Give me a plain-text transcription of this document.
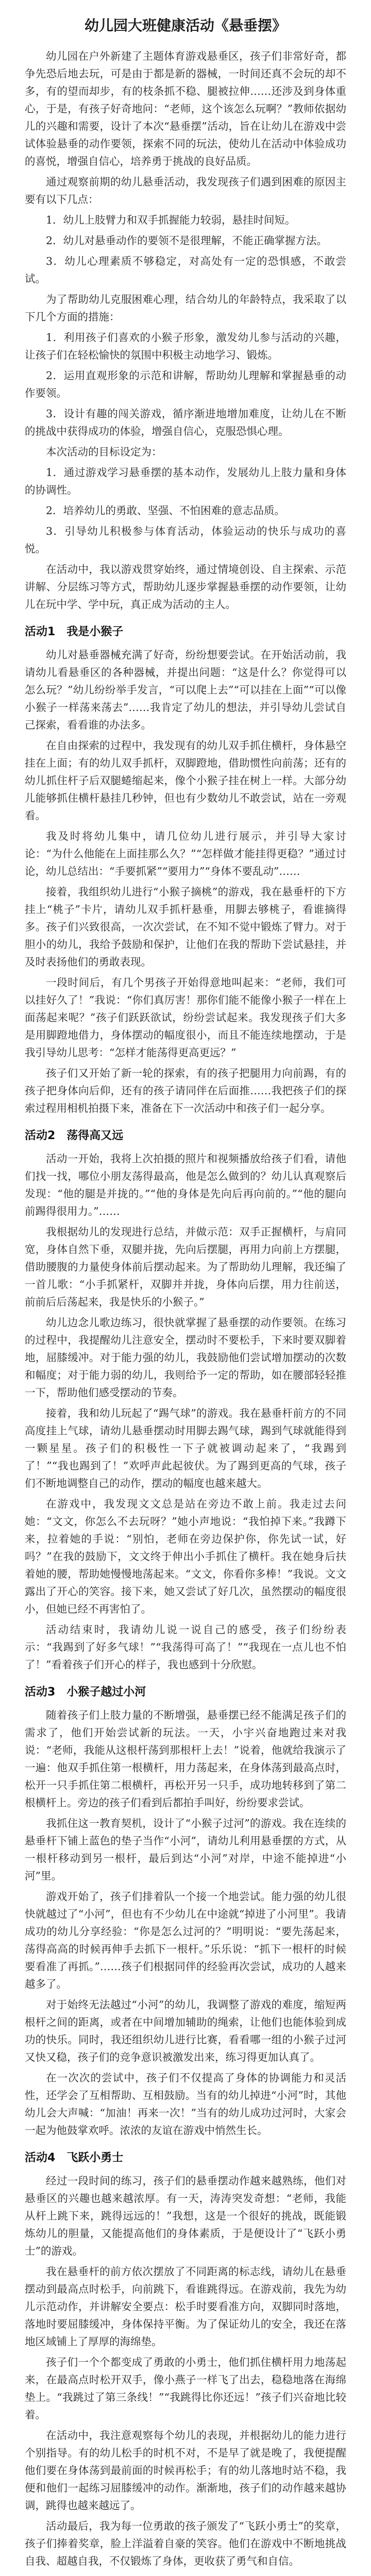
幼儿园大班健康活动《悬垂摆》

幼儿园在户外新建了主题体育游戏悬垂区，孩子们非常好奇，都争先恐后地去玩，可是由于都是新的器械，一时间还真不会玩的却不多，有的望而却步，有的枝条抓不稳、腿被拉伸……还涉及到身体重心，于是，有孩子好奇地问：“老师，这个该怎么玩啊？”教师依据幼儿的兴趣和需要，设计了本次“悬垂摆”活动，旨在让幼儿在游戏中尝试体验悬垂的动作要领，探索不同的玩法，使幼儿在活动中体验成功的喜悦，增强自信心，培养勇于挑战的良好品质。

通过观察前期的幼儿悬垂活动，我发现孩子们遇到困难的原因主要有以下几点：

1．幼儿上肢臂力和双手抓握能力较弱，悬挂时间短。

2．幼儿对悬垂动作的要领不是很理解，不能正确掌握方法。

3．幼儿心理素质不够稳定，对高处有一定的恐惧感，不敢尝试。

为了帮助幼儿克服困难心理，结合幼儿的年龄特点，我采取了以下几个方面的措施：

1．利用孩子们喜欢的小猴子形象，激发幼儿参与活动的兴趣，让孩子们在轻松愉快的氛围中积极主动地学习、锻炼。

2．运用直观形象的示范和讲解，帮助幼儿理解和掌握悬垂的动作要领。

3．设计有趣的闯关游戏，循序渐进地增加难度，让幼儿在不断的挑战中获得成功的体验，增强自信心，克服恐惧心理。

本次活动的目标设定为：

1．通过游戏学习悬垂摆的基本动作，发展幼儿上肢力量和身体的协调性。

2．培养幼儿的勇敢、坚强、不怕困难的意志品质。

3．引导幼儿积极参与体育活动，体验运动的快乐与成功的喜悦。

在活动中，我以游戏贯穿始终，通过情境创设、自主探索、示范讲解、分层练习等方式，帮助幼儿逐步掌握悬垂摆的动作要领，让幼儿在玩中学、学中玩，真正成为活动的主人。

活动1　我是小猴子

幼儿对悬垂器械充满了好奇，纷纷想要尝试。在开始活动前，我请幼儿看悬垂区的各种器械，并提出问题：“这是什么？你觉得可以怎么玩？”幼儿纷纷举手发言，“可以爬上去”“可以挂在上面”“可以像小猴子一样荡来荡去”……我肯定了幼儿的想法，并引导幼儿尝试自己探索，看看谁的办法多。

在自由探索的过程中，我发现有的幼儿双手抓住横杆，身体悬空挂在上面；有的幼儿双手抓杆，双脚蹬地，借助惯性向前荡；还有的幼儿抓住杆子后双腿蜷缩起来，像个小猴子挂在树上一样。大部分幼儿能够抓住横杆悬挂几秒钟，但也有少数幼儿不敢尝试，站在一旁观看。

我及时将幼儿集中，请几位幼儿进行展示，并引导大家讨论：“为什么他能在上面挂那么久？”“怎样做才能挂得更稳？”通过讨论，幼儿总结出：“手要抓紧”“要用力”“身体不要乱动”……

接着，我组织幼儿进行“小猴子摘桃”的游戏，我在悬垂杆的下方挂上“桃子”卡片，请幼儿双手抓杆悬垂，用脚去够桃子，看谁摘得多。孩子们兴致很高，一次次尝试，在不知不觉中锻炼了臂力。对于胆小的幼儿，我给予鼓励和保护，让他们在我的帮助下尝试悬挂，并及时表扬他们的勇敢表现。

一段时间后，有几个男孩子开始得意地叫起来：“老师，我们可以挂好久了！”我说：“你们真厉害！那你们能不能像小猴子一样在上面荡起来呢？”孩子们跃跃欲试，纷纷尝试起来。我发现孩子们大多是用脚蹬地借力，身体摆动的幅度很小，而且不能连续地摆动，于是我引导幼儿思考：“怎样才能荡得更高更远？”

孩子们又开始了新一轮的探索，有的孩子把腿用力向前踢，有的孩子把身体向后仰，还有的孩子请同伴在后面推……我把孩子们的探索过程用相机拍摄下来，准备在下一次活动中和孩子们一起分享。

活动2　荡得高又远

活动一开始，我将上次拍摄的照片和视频播放给孩子们看，请他们找一找，哪位小朋友荡得最高，他是怎么做到的？幼儿认真观察后发现：“他的腿是并拢的。”“他的身体是先向后再向前的。”“他的腿向前踢得很用力。”……

我根据幼儿的发现进行总结，并做示范：双手正握横杆，与肩同宽，身体自然下垂，双腿并拢，先向后摆腿，再用力向前上方摆腿，借助腰腹的力量使身体前后摆动起来。为了帮助幼儿理解，我还编了一首儿歌：“小手抓紧杆，双脚并并拢，身体向后摆，用力往前送，前前后后荡起来，我是快乐的小猴子。”

幼儿边念儿歌边练习，很快就掌握了悬垂摆的动作要领。在练习的过程中，我提醒幼儿注意安全，摆动时不要松手，下来时要双脚着地，屈膝缓冲。对于能力强的幼儿，我鼓励他们尝试增加摆动的次数和幅度；对于能力弱的幼儿，我则给予一定的帮助，如在腰部轻轻推一下，帮助他们感受摆动的节奏。

接着，我和幼儿玩起了“踢气球”的游戏。我在悬垂杆前方的不同高度挂上气球，请幼儿悬垂摆动时用脚去踢气球，踢到气球就能得到一颗星星。孩子们的积极性一下子就被调动起来了，“我踢到了！”“我也踢到了！”欢呼声此起彼伏。为了踢到更高的气球，孩子们不断地调整自己的动作，摆动的幅度也越来越大。

在游戏中，我发现文文总是站在旁边不敢上前。我走过去问她：“文文，你怎么不去玩呀？”她小声地说：“我怕掉下来。”我蹲下来，拉着她的手说：“别怕，老师在旁边保护你，你先试一试，好吗？”在我的鼓励下，文文终于伸出小手抓住了横杆。我在她身后扶着她的腰，帮助她慢慢地荡起来。“文文，你看你多棒！”我说。文文露出了开心的笑容。接下来，她又尝试了好几次，虽然摆动的幅度很小，但她已经不再害怕了。

活动结束时，我请幼儿说一说自己的感受，孩子们纷纷表示：“我踢到了好多气球！”“我荡得可高了！”“我现在一点儿也不怕了！”看着孩子们开心的样子，我也感到十分欣慰。

活动3　小猴子越过小河

随着孩子们上肢力量的不断增强，悬垂摆已经不能满足孩子们的需求了，他们开始尝试新的玩法。一天，小宇兴奋地跑过来对我说：“老师，我能从这根杆荡到那根杆上去！”说着，他就给我演示了一遍：他双手抓住第一根横杆，用力荡起来，在身体荡到最高点时，松开一只手抓住第二根横杆，再松开另一只手，成功地转移到了第二根横杆上。旁边的孩子们看到后都拍手叫好，纷纷要求尝试。

我抓住这一教育契机，设计了“小猴子过河”的游戏。我在连续的悬垂杆下铺上蓝色的垫子当作“小河”，请幼儿利用悬垂摆的方式，从一根杆移动到另一根杆，最后到达“小河”对岸，中途不能掉进“小河”里。

游戏开始了，孩子们排着队一个接一个地尝试。能力强的幼儿很快就越过了“小河”，但也有不少幼儿在中途就“掉进了小河里”。我请成功的幼儿分享经验：“你是怎么过河的？”明明说：“要先荡起来，荡得高高的时候再伸手去抓下一根杆。”乐乐说：“抓下一根杆的时候要看准了再抓。”……孩子们根据同伴的经验再次尝试，成功的人越来越多了。

对于始终无法越过“小河”的幼儿，我调整了游戏的难度，缩短两根杆之间的距离，或者在中间增加辅助的绳索，让他们也能体验到成功的快乐。同时，我还组织幼儿进行比赛，看看哪一组的小猴子过河又快又稳，孩子们的竞争意识被激发出来，练习得更加认真了。

在一次次的尝试中，孩子们不仅提高了身体的协调能力和灵活性，还学会了互相帮助、互相鼓励。当有的幼儿掉进“小河”时，其他幼儿会大声喊：“加油！再来一次！”当有的幼儿成功过河时，大家会一起为他鼓掌欢呼。浓浓的友谊在游戏中悄然生长。

活动4　飞跃小勇士

经过一段时间的练习，孩子们的悬垂摆动作越来越熟练，他们对悬垂区的兴趣也越来越浓厚。有一天，涛涛突发奇想：“老师，我能从杆上跳下来，跳得远远的！”我想，这是一个很好的挑战，既能锻炼幼儿的胆量，又能提高他们的身体素质，于是便设计了“飞跃小勇士”的游戏。

我在悬垂杆的前方依次摆放了不同距离的标志线，请幼儿在悬垂摆动到最高点时松手，向前跳下，看谁跳得远。在游戏前，我先为幼儿示范动作，并讲解安全要点：松手时要看准方向，双脚同时落地，落地时要屈膝缓冲，身体保持平衡。为了保证幼儿的安全，我还在落地区域铺上了厚厚的海绵垫。

孩子们一个个都变成了勇敢的小勇士，他们抓住横杆用力地荡起来，在最高点时松开双手，像小燕子一样飞了出去，稳稳地落在海绵垫上。“我跳过了第三条线！”“我跳得比你还远！”孩子们兴奋地比较着。

在活动中，我注意观察每个幼儿的表现，并根据幼儿的能力进行个别指导。有的幼儿松手的时机不对，不是早了就是晚了，我便提醒他们要在身体荡到最前面的时候再松手；有的幼儿落地时站不稳，我便和他们一起练习屈膝缓冲的动作。渐渐地，孩子们的动作越来越协调，跳得也越来越远了。

活动最后，我为每一位勇敢的孩子颁发了“飞跃小勇士”的奖章，孩子们捧着奖章，脸上洋溢着自豪的笑容。他们在游戏中不断地挑战自我、超越自我，不仅锻炼了身体，更收获了勇气和自信。
